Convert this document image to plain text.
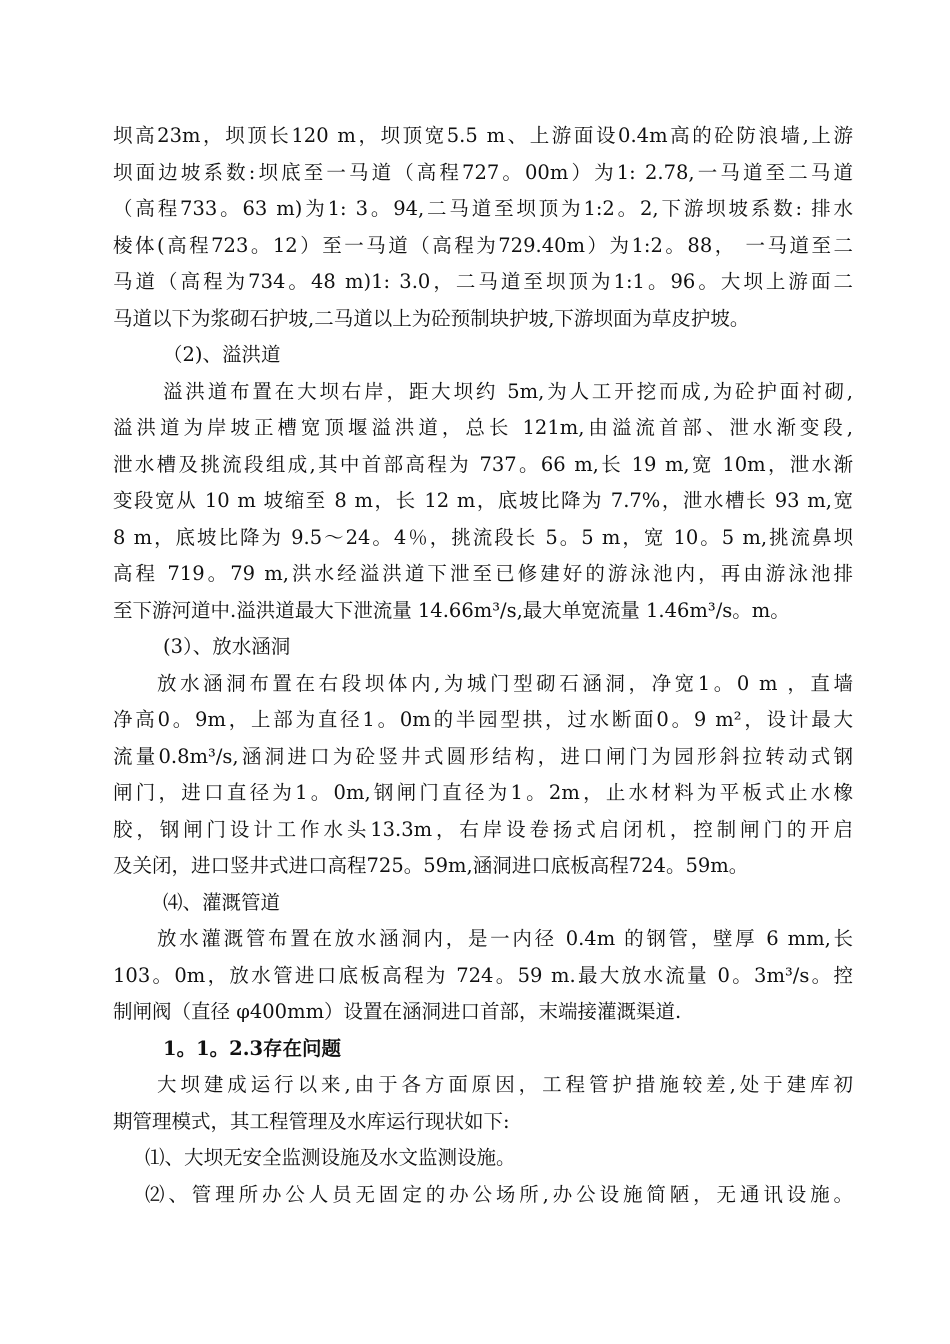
坝高23m，坝顶长120 m，坝顶宽5.5 m、上游面设0.4m高的砼防浪墙,上游
坝面边坡系数:坝底至一马道（高程727。00m）为1: 2.78,一马道至二马道
（高程733。63 m)为1: 3。94,二马道至坝顶为1:2。2,下游坝坡系数: 排水
棱体(高程723。12）至一马道（高程为729.40m）为1:2。88， 一马道至二
马道（高程为734。48 m)1: 3.0，二马道至坝顶为1:1。96。大坝上游面二
马道以下为浆砌石护坡,二马道以上为砼预制块护坡,下游坝面为草皮护坡。
（2)、溢洪道
溢洪道布置在大坝右岸，距大坝约 5m,为人工开挖而成,为砼护面衬砌,
溢洪道为岸坡正槽宽顶堰溢洪道，总长 121m,由溢流首部、泄水渐变段,
泄水槽及挑流段组成,其中首部高程为 737。66 m,长 19 m,宽 10m，泄水渐
变段宽从 10 m 坡缩至 8 m，长 12 m，底坡比降为 7.7%，泄水槽长 93 m,宽
8 m，底坡比降为 9.5～24。4％，挑流段长 5。5 m，宽 10。5 m,挑流鼻坝
高程 719。79 m,洪水经溢洪道下泄至已修建好的游泳池内，再由游泳池排
至下游河道中.溢洪道最大下泄流量 14.66m³/s,最大单宽流量 1.46m³/s。m。
(3）、放水涵洞
放水涵洞布置在右段坝体内,为城门型砌石涵洞，净宽1。0 m ，直墙
净高0。9m，上部为直径1。0m的半园型拱，过水断面0。9 m²，设计最大
流量0.8m³/s,涵洞进口为砼竖井式圆形结构，进口闸门为园形斜拉转动式钢
闸门，进口直径为1。0m,钢闸门直径为1。2m，止水材料为平板式止水橡
胶，钢闸门设计工作水头13.3m，右岸设卷扬式启闭机，控制闸门的开启
及关闭，进口竖井式进口高程725。59m,涵洞进口底板高程724。59m。
⑷、灌溉管道
放水灌溉管布置在放水涵洞内，是一内径 0.4m 的钢管，壁厚 6 mm,长
103。0m，放水管进口底板高程为 724。59 m.最大放水流量 0。3m³/s。控
制闸阀（直径 φ400mm）设置在涵洞进口首部，末端接灌溉渠道.
1。1。2.3存在问题
大坝建成运行以来,由于各方面原因，工程管护措施较差,处于建库初
期管理模式，其工程管理及水库运行现状如下:
⑴、大坝无安全监测设施及水文监测设施。
⑵、管理所办公人员无固定的办公场所,办公设施简陋，无通讯设施。
